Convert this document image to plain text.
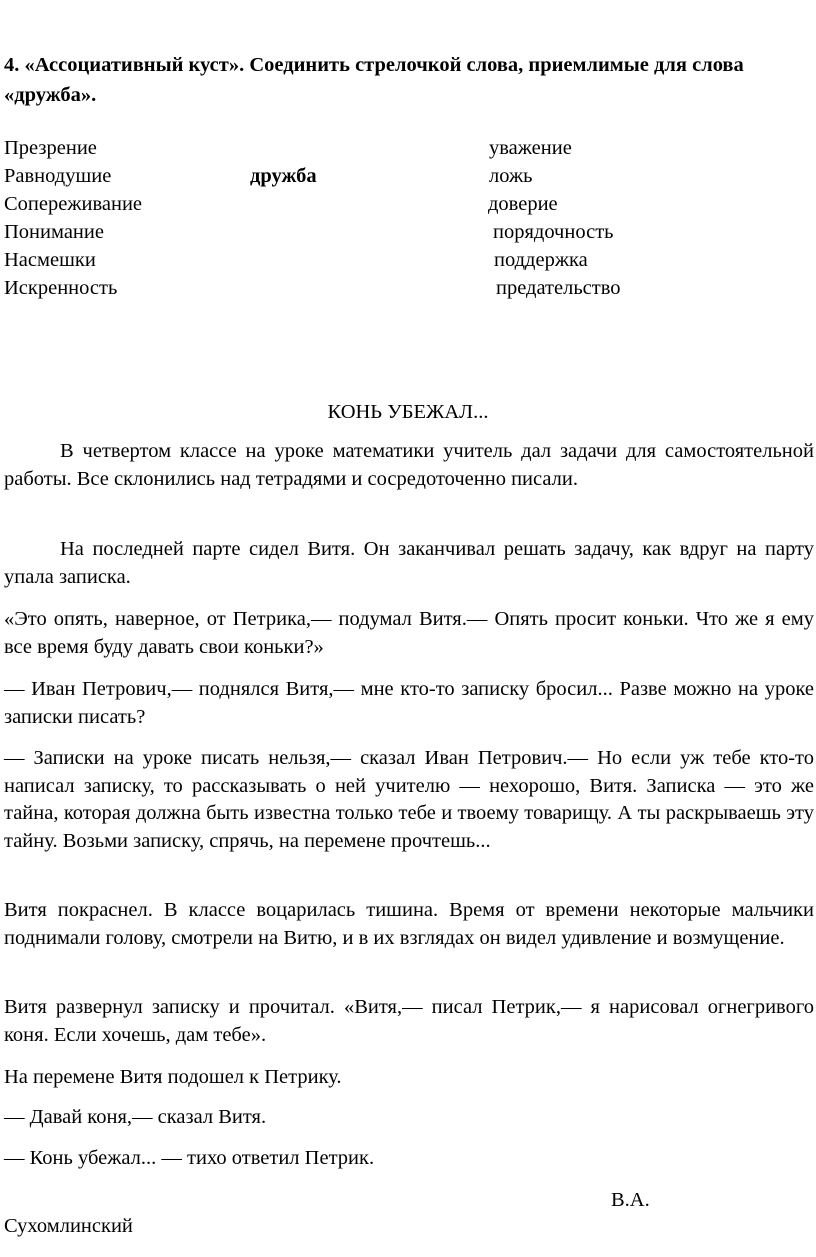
4. «Ассоциативный куст». Соединить стрелочкой слова, приемлимые для слова «дружба».
Презрение
Равнодушие
Сопереживание
Понимание
Насмешки
Искренность
дружба
уважение
ложь
доверие
порядочность
поддержка
предательство
КОНЬ УБЕЖАЛ...
В четвертом классе на уроке математики учитель дал задачи для самостоятельной работы. Все склонились над тетрадями и сосредоточенно писали.
На последней парте сидел Витя. Он заканчивал решать задачу, как вдруг на парту упала записка.
«Это опять, наверное, от Петрика,— подумал Витя.— Опять просит коньки. Что же я ему все время буду давать свои коньки?»
— Иван Петрович,— поднялся Витя,— мне кто-то записку бросил... Разве можно на уроке записки писать?
— Записки на уроке писать нельзя,— сказал Иван Петрович.— Но если уж тебе кто-то написал записку, то рассказывать о ней учителю — нехорошо, Витя. Записка — это же тайна, которая должна быть известна только тебе и твоему товарищу. А ты раскрываешь эту тайну. Возьми записку, спрячь, на перемене прочтешь...
Витя покраснел. В классе воцарилась тишина. Время от времени некоторые мальчики поднимали голову, смотрели на Витю, и в их взглядах он видел удивление и возмущение.
Витя развернул записку и прочитал. «Витя,— писал Петрик,— я нарисовал огнегривого коня. Если хочешь, дам тебе».
На перемене Витя подошел к Петрику.
— Давай коня,— сказал Витя.
— Конь убежал... — тихо ответил Петрик.
В.А.
Сухомлинский
